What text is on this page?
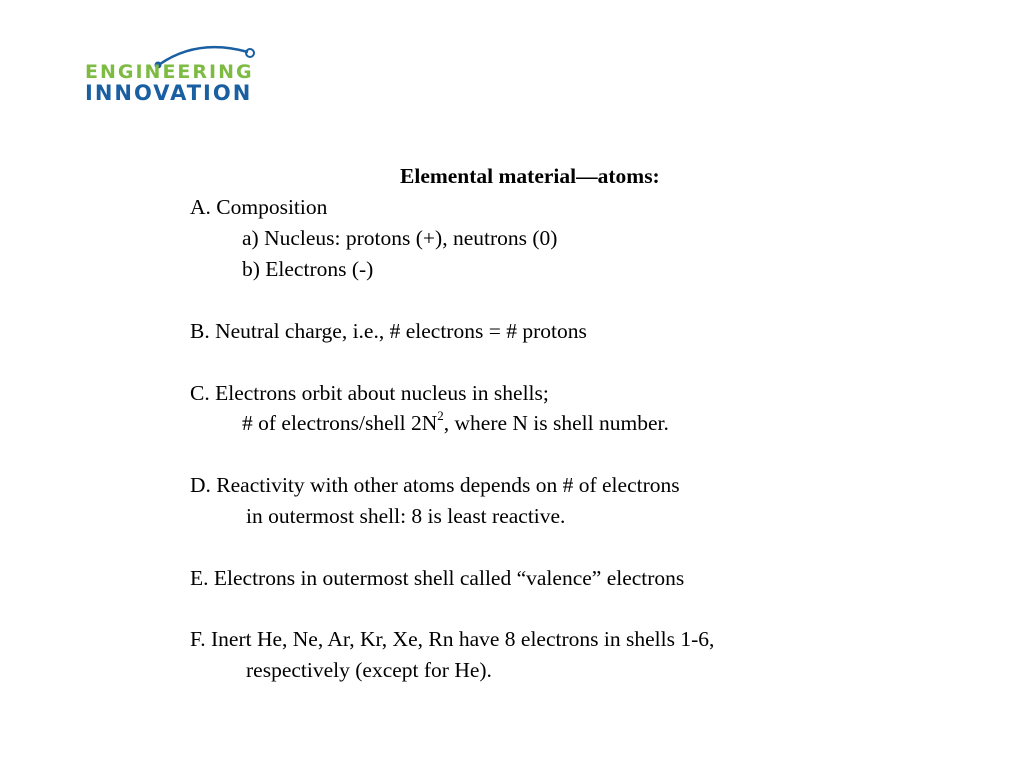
ENGINEERING
INNOVATION
Elemental material—atoms:
A. Composition
a) Nucleus: protons (+), neutrons (0)
b) Electrons (-)
B. Neutral charge, i.e., # electrons = # protons
C. Electrons orbit about nucleus in shells;
# of electrons/shell $2N^2$, where N is shell number.
D. Reactivity with other atoms depends on # of electrons
in outermost shell: 8 is least reactive.
E. Electrons in outermost shell called “valence” electrons
F. Inert He, Ne, Ar, Kr, Xe, Rn have 8 electrons in shells 1-6,
respectively (except for He).
